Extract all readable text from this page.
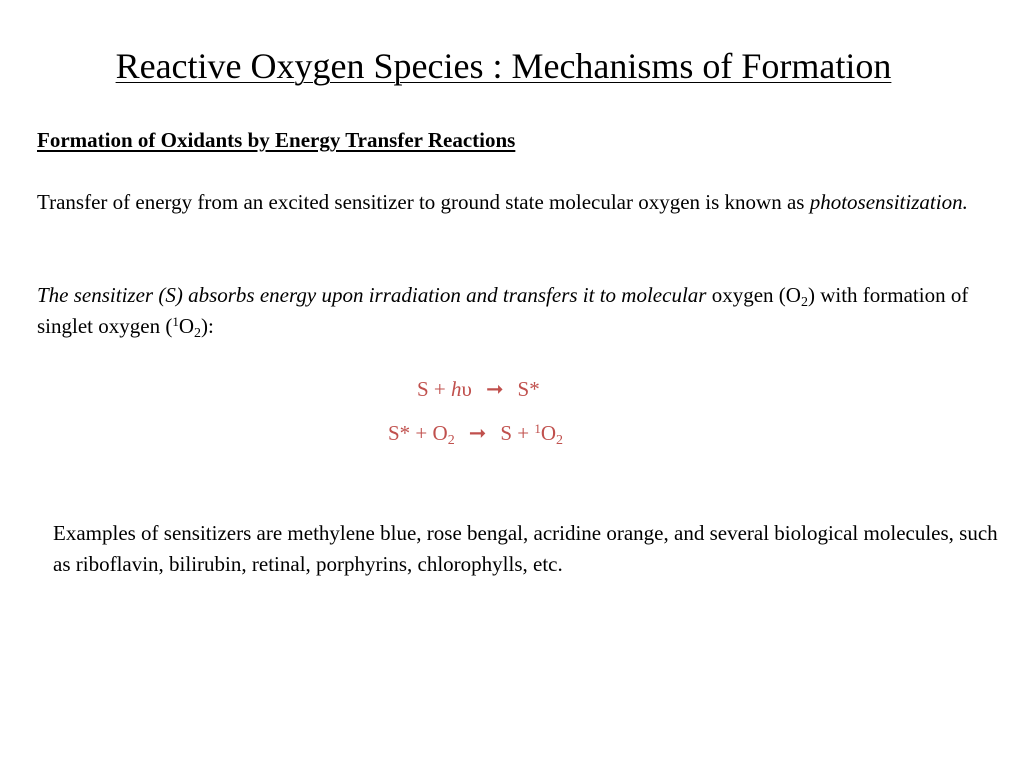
Reactive Oxygen Species : Mechanisms of Formation
Formation of Oxidants by Energy Transfer Reactions
Transfer of energy from an excited sensitizer to ground state molecular oxygen is known as photosensitization.
The sensitizer (S) absorbs energy upon irradiation and transfers it to molecular oxygen $(O_2)$ with formation of singlet oxygen $(^1O_2)$:
S + hυ ➞ S*
$S* + O_2$ ➞ $S + ^1O_2$
Examples of sensitizers are methylene blue, rose bengal, acridine orange, and several biological molecules, such as riboflavin, bilirubin, retinal, porphyrins, chlorophylls, etc.
